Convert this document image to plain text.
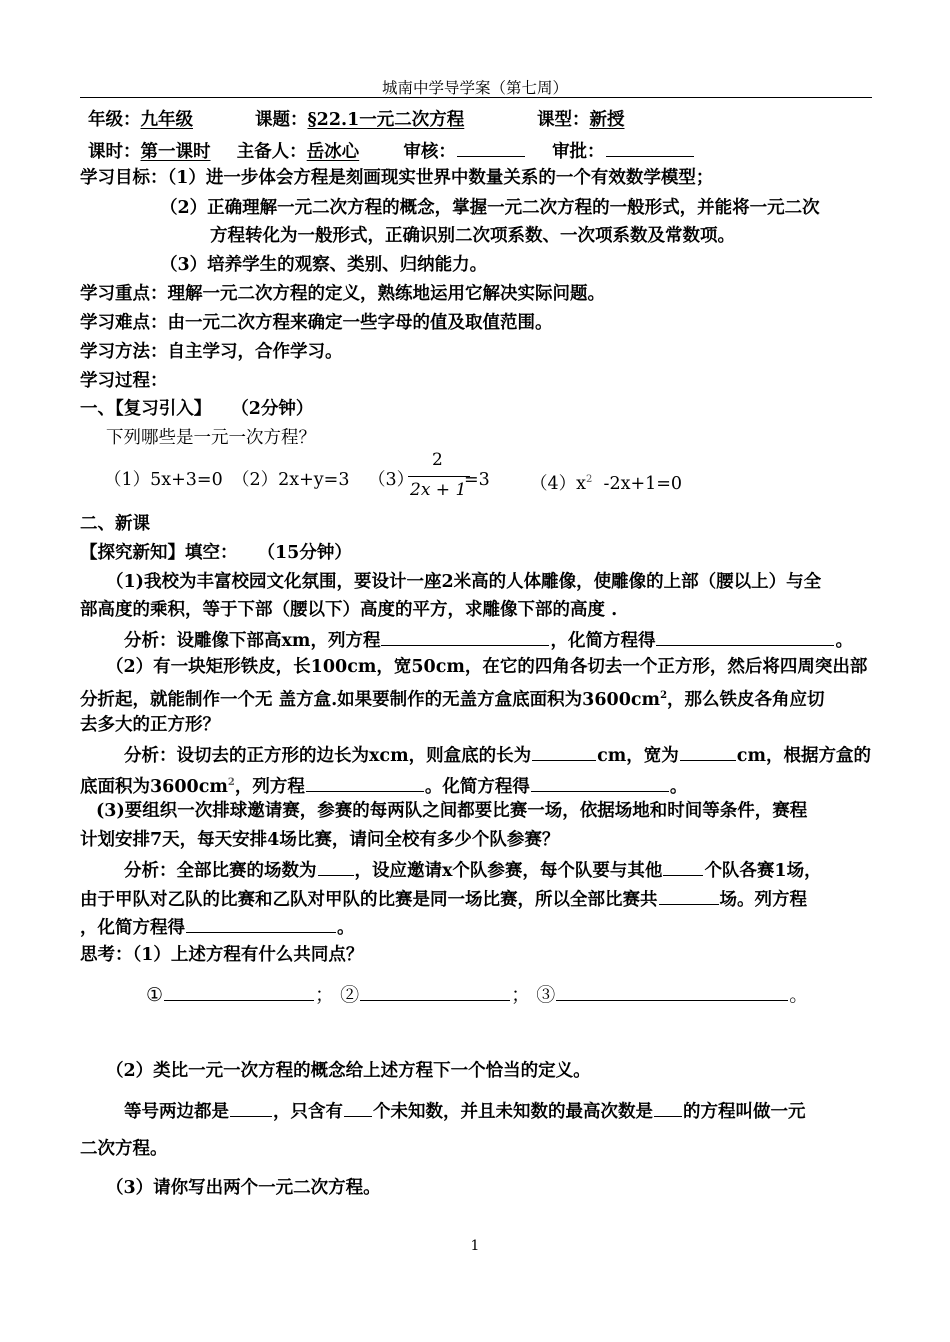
城南中学导学案（第七周）
年级：九年级	课题：§22.1一元二次方程	课型：新授
课时：第一课时 主备人：岳冰心	审核：	审批：
学习目标：（1）进一步体会方程是刻画现实世界中数量关系的一个有效数学模型；
（2）正确理解一元二次方程的概念，掌握一元二次方程的一般形式，并能将一元二次
方程转化为一般形式，正确识别二次项系数、一次项系数及常数项。
（3）培养学生的观察、类别、归纳能力。
学习重点：理解一元二次方程的定义，熟练地运用它解决实际问题。
学习难点：由一元二次方程来确定一些字母的值及取值范围。
学习方法：自主学习，合作学习。
学习过程：
一、【复习引入】 （2分钟）
下列哪些是一元一次方程？
（1）5x+3=0 （2）2x+y=3 （3）
2
2x + 1
=3 $(4)x^2$ -2x+1=0
二、新课
【探究新知】填空： （15分钟）
（1)我校为丰富校园文化氛围，要设计一座2米高的人体雕像，使雕像的上部（腰以上）与全
部高度的乘积，等于下部（腰以下）高度的平方，求雕像下部的高度 .
分析：设雕像下部高xm，列方程	，化简方程得	。
（2）有一块矩形铁皮，长100cm，宽50cm，在它的四角各切去一个正方形，然后将四周突出部
分折起，就能制作一个无 盖方盒.如果要制作的无盖方盒底面积为$3600cm^2$，那么铁皮各角应切
去多大的正方形？
分析：设切去的正方形的边长为xcm，则盒底的长为	cm，宽为	cm，根据方盒的
底面积为$3600cm^2$，列方程	。化简方程得	。
(3)要组织一次排球邀请赛，参赛的每两队之间都要比赛一场，依据场地和时间等条件，赛程
计划安排7天，每天安排4场比赛，请问全校有多少个队参赛？
分析：全部比赛的场数为 ，设应邀请x个队参赛，每个队要与其他 个队各赛1场，
由于甲队对乙队的比赛和乙队对甲队的比赛是同一场比赛，所以全部比赛共	场。列方程
，化简方程得	。
思考：（1）上述方程有什么共同点？
①	； ②	； ③	。
（2）类比一元一次方程的概念给上述方程下一个恰当的定义。
等号两边都是	，只含有 个未知数，并且未知数的最高次数是 的方程叫做一元
二次方程。
（3）请你写出两个一元二次方程。
1
